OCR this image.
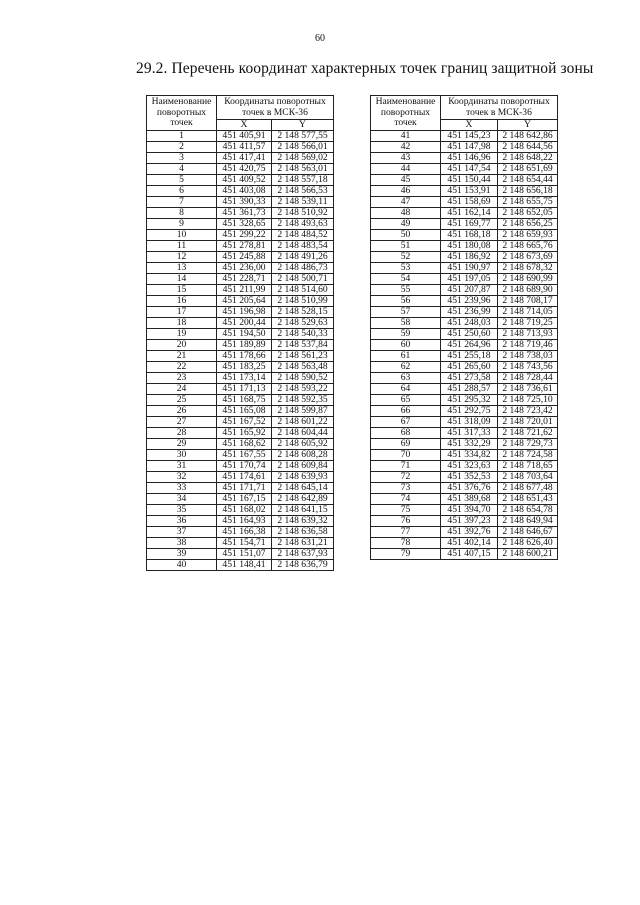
60
29.2. Перечень координат характерных точек границ защитной зоны
Наименование поворотных точек	Координаты поворотных точек в МСК-36	
	X	Y
1	451 405,91	2 148 577,55
2	451 411,57	2 148 566,01
3	451 417,41	2 148 569,02
4	451 420,75	2 148 563,01
5	451 409,52	2 148 557,18
6	451 403,08	2 148 566,53
7	451 390,33	2 148 539,11
8	451 361,73	2 148 510,92
9	451 328,65	2 148 493,63
10	451 299,22	2 148 484,52
11	451 278,81	2 148 483,54
12	451 245,88	2 148 491,26
13	451 236,00	2 148 486,73
14	451 228,71	2 148 500,71
15	451 211,99	2 148 514,60
16	451 205,64	2 148 510,99
17	451 196,98	2 148 528,15
18	451 200,44	2 148 529,63
19	451 194,50	2 148 540,33
20	451 189,89	2 148 537,84
21	451 178,66	2 148 561,23
22	451 183,25	2 148 563,48
23	451 173,14	2 148 590,52
24	451 171,13	2 148 593,22
25	451 168,75	2 148 592,35
26	451 165,08	2 148 599,87
27	451 167,52	2 148 601,22
28	451 165,92	2 148 604,44
29	451 168,62	2 148 605,92
30	451 167,55	2 148 608,28
31	451 170,74	2 148 609,84
32	451 174,61	2 148 639,93
33	451 171,71	2 148 645,14
34	451 167,15	2 148 642,89
35	451 168,02	2 148 641,15
36	451 164,93	2 148 639,32
37	451 166,38	2 148 636,58
38	451 154,71	2 148 631,21
39	451 151,07	2 148 637,93
40	451 148,41	2 148 636,79
Наименование поворотных точек	Координаты поворотных точек в МСК-36	
	X	Y
41	451 145,23	2 148 642,86
42	451 147,98	2 148 644,56
43	451 146,96	2 148 648,22
44	451 147,54	2 148 651,69
45	451 150,44	2 148 654,44
46	451 153,91	2 148 656,18
47	451 158,69	2 148 655,75
48	451 162,14	2 148 652,05
49	451 169,77	2 148 656,25
50	451 168,18	2 148 659,93
51	451 180,08	2 148 665,76
52	451 186,92	2 148 673,69
53	451 190,97	2 148 678,32
54	451 197,05	2 148 690,99
55	451 207,87	2 148 689,90
56	451 239,96	2 148 708,17
57	451 236,99	2 148 714,05
58	451 248,03	2 148 719,25
59	451 250,60	2 148 713,93
60	451 264,96	2 148 719,46
61	451 255,18	2 148 738,03
62	451 265,60	2 148 743,56
63	451 273,58	2 148 728,44
64	451 288,57	2 148 736,61
65	451 295,32	2 148 725,10
66	451 292,75	2 148 723,42
67	451 318,09	2 148 720,01
68	451 317,33	2 148 721,62
69	451 332,29	2 148 729,73
70	451 334,82	2 148 724,58
71	451 323,63	2 148 718,65
72	451 352,53	2 148 703,64
73	451 376,76	2 148 677,48
74	451 389,68	2 148 651,43
75	451 394,70	2 148 654,78
76	451 397,23	2 148 649,94
77	451 392,76	2 148 646,67
78	451 402,14	2 148 626,40
79	451 407,15	2 148 600,21
